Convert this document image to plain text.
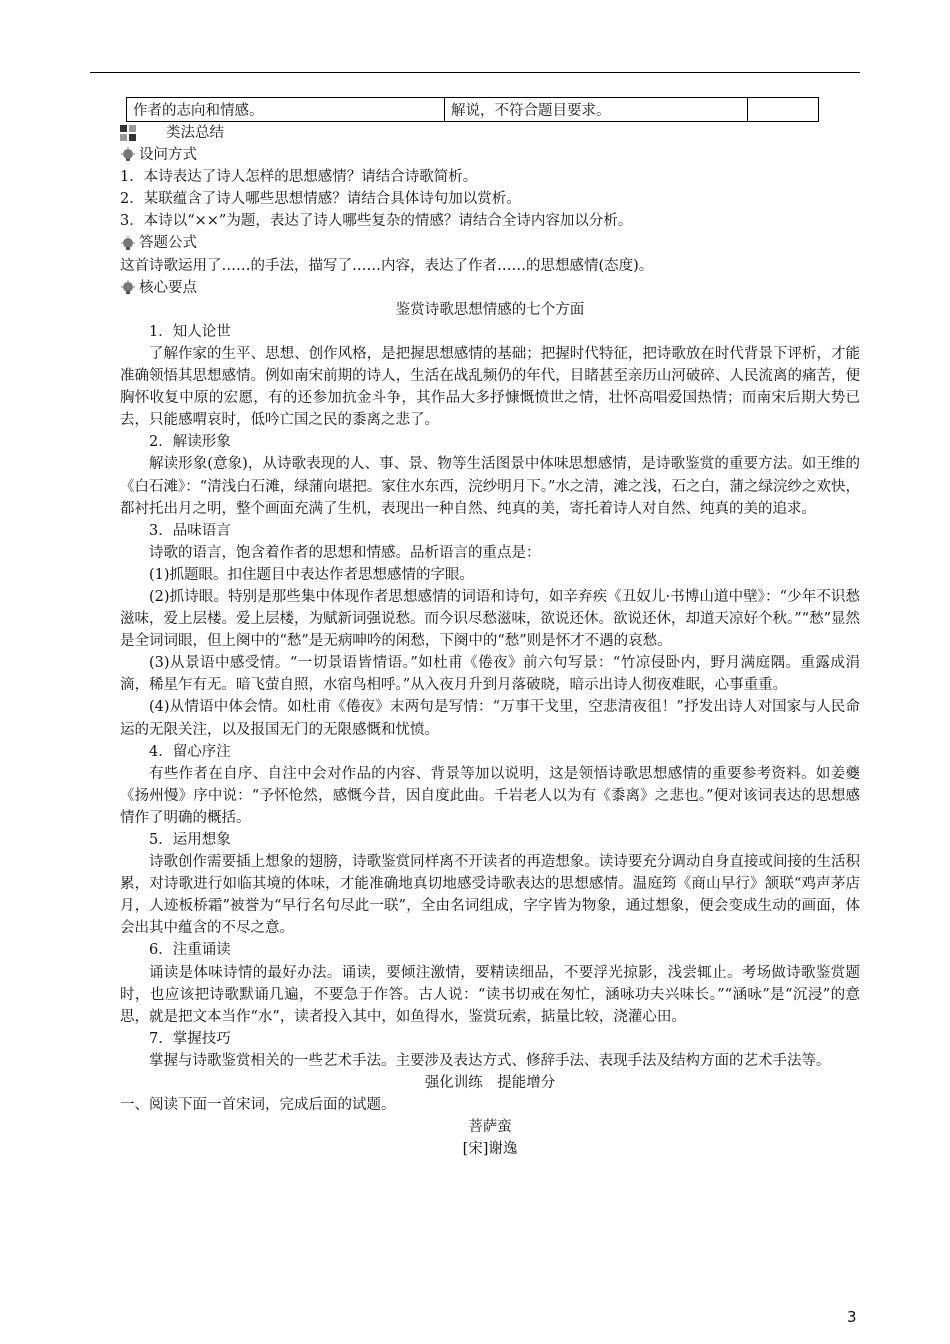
作者的志向和情感。	解说，不符合题目要求。	

类法总结

设问方式

1．本诗表达了诗人怎样的思想感情？请结合诗歌简析。

2．某联蕴含了诗人哪些思想情感？请结合具体诗句加以赏析。

3．本诗以“××”为题，表达了诗人哪些复杂的情感？请结合全诗内容加以分析。

答题公式

这首诗歌运用了……的手法，描写了……内容，表达了作者……的思想感情(态度)。

核心要点

鉴赏诗歌思想情感的七个方面

1．知人论世

了解作家的生平、思想、创作风格，是把握思想感情的基础；把握时代特征，把诗歌放在时代背景下评析，才能准确领悟其思想感情。例如南宋前期的诗人，生活在战乱频仍的年代，目睹甚至亲历山河破碎、人民流离的痛苦，便胸怀收复中原的宏愿，有的还参加抗金斗争，其作品大多抒慷慨愤世之情，壮怀高唱爱国热情；而南宋后期大势已去，只能感喟哀时，低吟亡国之民的黍离之悲了。

2．解读形象

解读形象(意象)，从诗歌表现的人、事、景、物等生活图景中体味思想感情，是诗歌鉴赏的重要方法。如王维的《白石滩》：“清浅白石滩，绿蒲向堪把。家住水东西，浣纱明月下。”水之清，滩之浅，石之白，蒲之绿浣纱之欢快，都衬托出月之明，整个画面充满了生机，表现出一种自然、纯真的美，寄托着诗人对自然、纯真的美的追求。

3．品味语言

诗歌的语言，饱含着作者的思想和情感。品析语言的重点是：

(1)抓题眼。扣住题目中表达作者思想感情的字眼。

(2)抓诗眼。特别是那些集中体现作者思想感情的词语和诗句，如辛弃疾《丑奴儿·书博山道中壁》：“少年不识愁滋味，爱上层楼。爱上层楼，为赋新词强说愁。而今识尽愁滋味，欲说还休。欲说还休，却道天凉好个秋。”“愁”显然是全词词眼，但上阕中的“愁”是无病呻吟的闲愁，下阕中的“愁”则是怀才不遇的哀愁。

(3)从景语中感受情。“一切景语皆情语。”如杜甫《倦夜》前六句写景：“竹凉侵卧内，野月满庭隅。重露成涓滴，稀星乍有无。暗飞萤自照，水宿鸟相呼。”从入夜月升到月落破晓，暗示出诗人彻夜难眠，心事重重。

(4)从情语中体会情。如杜甫《倦夜》末两句是写情：“万事干戈里，空悲清夜徂！”抒发出诗人对国家与人民命运的无限关注，以及报国无门的无限感慨和忧愤。

4．留心序注

有些作者在自序、自注中会对作品的内容、背景等加以说明，这是领悟诗歌思想感情的重要参考资料。如姜夔《扬州慢》序中说：“予怀怆然，感慨今昔，因自度此曲。千岩老人以为有《黍离》之悲也。”便对该词表达的思想感情作了明确的概括。

5．运用想象

诗歌创作需要插上想象的翅膀，诗歌鉴赏同样离不开读者的再造想象。读诗要充分调动自身直接或间接的生活积累，对诗歌进行如临其境的体味，才能准确地真切地感受诗歌表达的思想感情。温庭筠《商山早行》颔联“鸡声茅店月，人迹板桥霜”被誉为“早行名句尽此一联”，全由名词组成，字字皆为物象，通过想象，便会变成生动的画面，体会出其中蕴含的不尽之意。

6．注重诵读

诵读是体味诗情的最好办法。诵读，要倾注激情，要精读细品，不要浮光掠影，浅尝辄止。考场做诗歌鉴赏题时，也应该把诗歌默诵几遍，不要急于作答。古人说：“读书切戒在匆忙，涵咏功夫兴味长。”“涵咏”是“沉浸”的意思，就是把文本当作“水”，读者投入其中，如鱼得水，鉴赏玩索，掂量比较，浇灌心田。

7．掌握技巧

掌握与诗歌鉴赏相关的一些艺术手法。主要涉及表达方式、修辞手法、表现手法及结构方面的艺术手法等。

强化训练　提能增分

一、阅读下面一首宋词，完成后面的试题。

菩萨蛮

[宋]谢逸

3
